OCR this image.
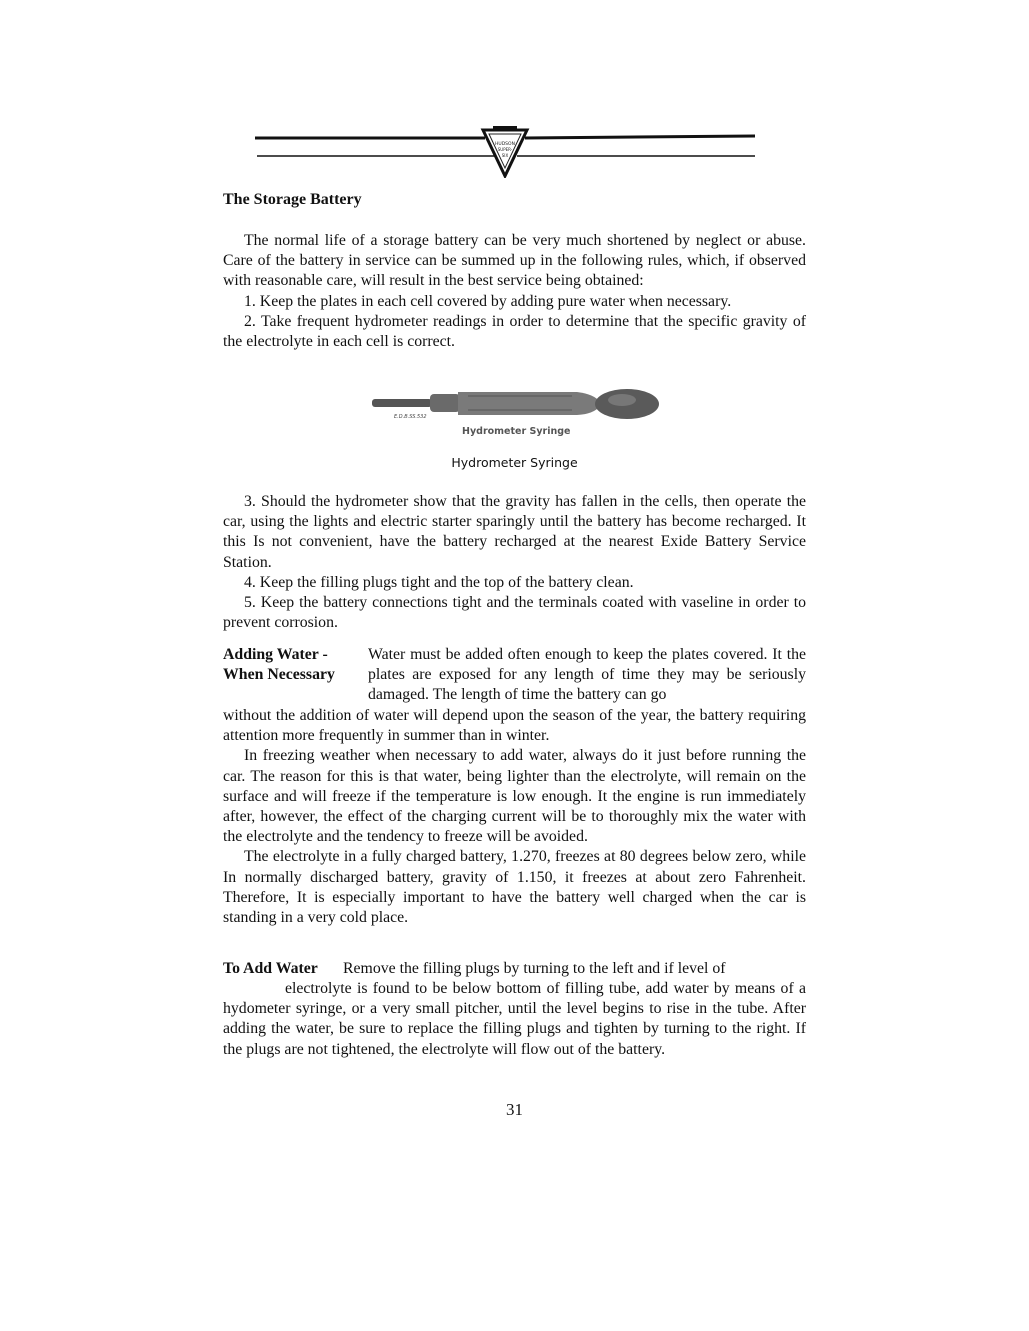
HUDSON
SUPER-
SIX
The Storage Battery

The normal life of a storage battery can be very much shortened by neglect or abuse. Care of the battery in service can be summed up in the following rules, which, if observed with reasonable care, will result in the best service being obtained:

1. Keep the plates in each cell covered by adding pure water when necessary.

2. Take frequent hydrometer readings in order to determine that the specific gravity of the electrolyte in each cell is correct.

E.D.B.SS.532
Hydrometer Syringe
Hydrometer Syringe

3. Should the hydrometer show that the gravity has fallen in the cells, then operate the car, using the lights and electric starter sparingly until the battery has become recharged. It this Is not convenient, have the battery recharged at the nearest Exide Battery Service Station.

4. Keep the filling plugs tight and the top of the battery clean.

5. Keep the battery connections tight and the terminals coated with vaseline in order to prevent corrosion.

Adding Water -
When Necessary
Water must be added often enough to keep the plates covered. It the plates are exposed for any length of time they may be seriously damaged. The length of time the battery can go

without the addition of water will depend upon the season of the year, the battery requiring attention more frequently in summer than in winter.

In freezing weather when necessary to add water, always do it just before running the car. The reason for this is that water, being lighter than the electrolyte, will remain on the surface and will freeze if the temperature is low enough. It the engine is run immediately after, however, the effect of the charging current will be to thoroughly mix the water with the electrolyte and the tendency to freeze will be avoided.

The electrolyte in a fully charged battery, 1.270, freezes at 80 degrees below zero, while In normally discharged battery, gravity of 1.150, it freezes at about zero Fahrenheit. Therefore, It is especially important to have the battery well charged when the car is standing in a very cold place.

To Add Water Remove the filling plugs by turning to the left and if level of

electrolyte is found to be below bottom of filling tube, add water by means of a hydometer syringe, or a very small pitcher, until the level begins to rise in the tube. After adding the water, be sure to replace the filling plugs and tighten by turning to the right. If the plugs are not tightened, the electrolyte will flow out of the battery.

31
